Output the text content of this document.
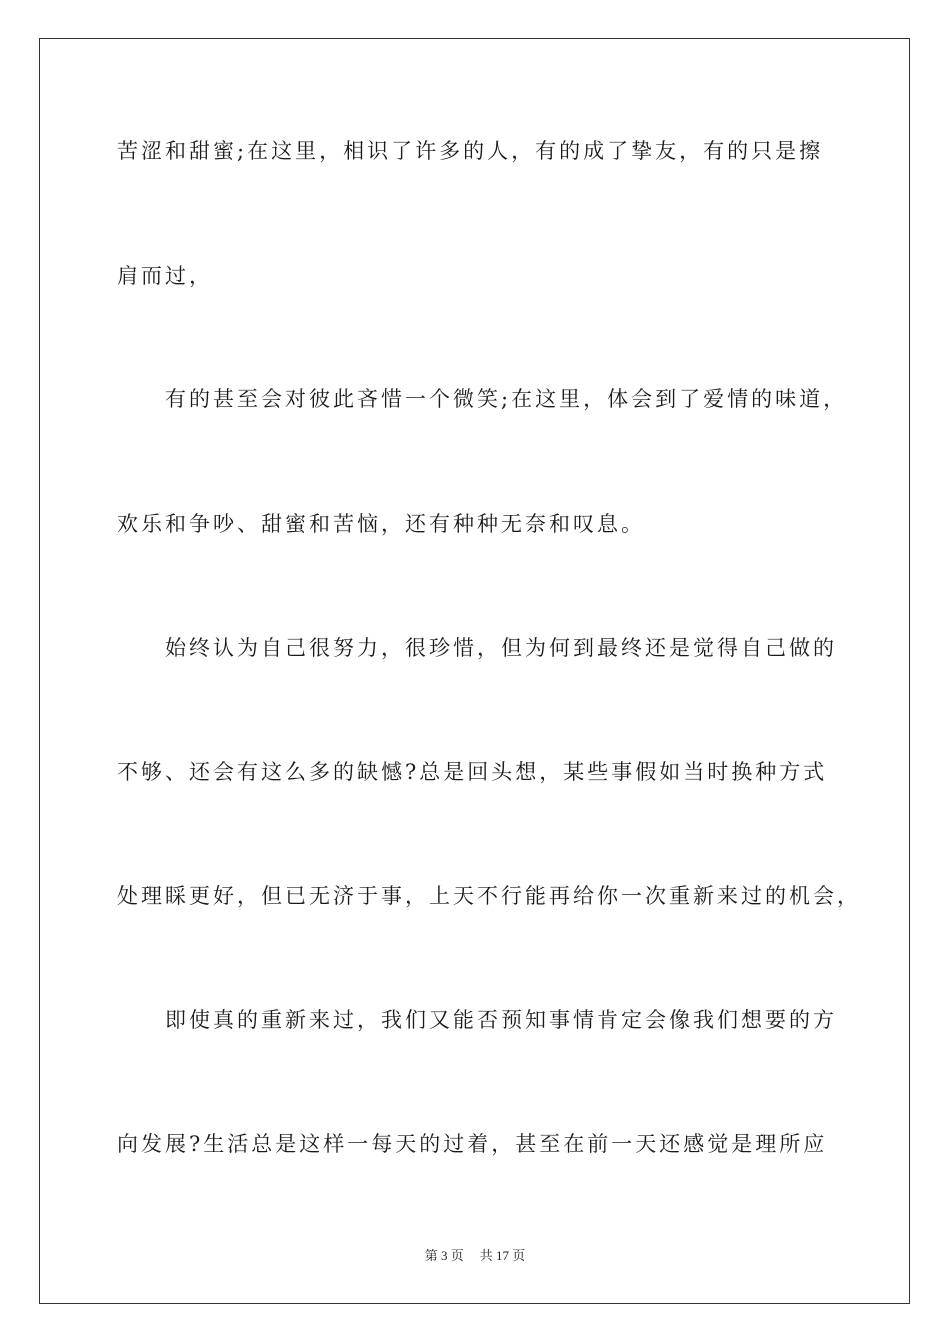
苦涩和甜蜜;在这里，相识了许多的人，有的成了挚友，有的只是擦
肩而过，
有的甚至会对彼此吝惜一个微笑;在这里，体会到了爱情的味道，
欢乐和争吵、甜蜜和苦恼，还有种种无奈和叹息。
始终认为自己很努力，很珍惜，但为何到最终还是觉得自己做的
不够、还会有这么多的缺憾?总是回头想，某些事假如当时换种方式
处理睬更好，但已无济于事，上天不行能再给你一次重新来过的机会，
即使真的重新来过，我们又能否预知事情肯定会像我们想要的方
向发展?生活总是这样一每天的过着，甚至在前一天还感觉是理所应
第 3 页 共 17 页
